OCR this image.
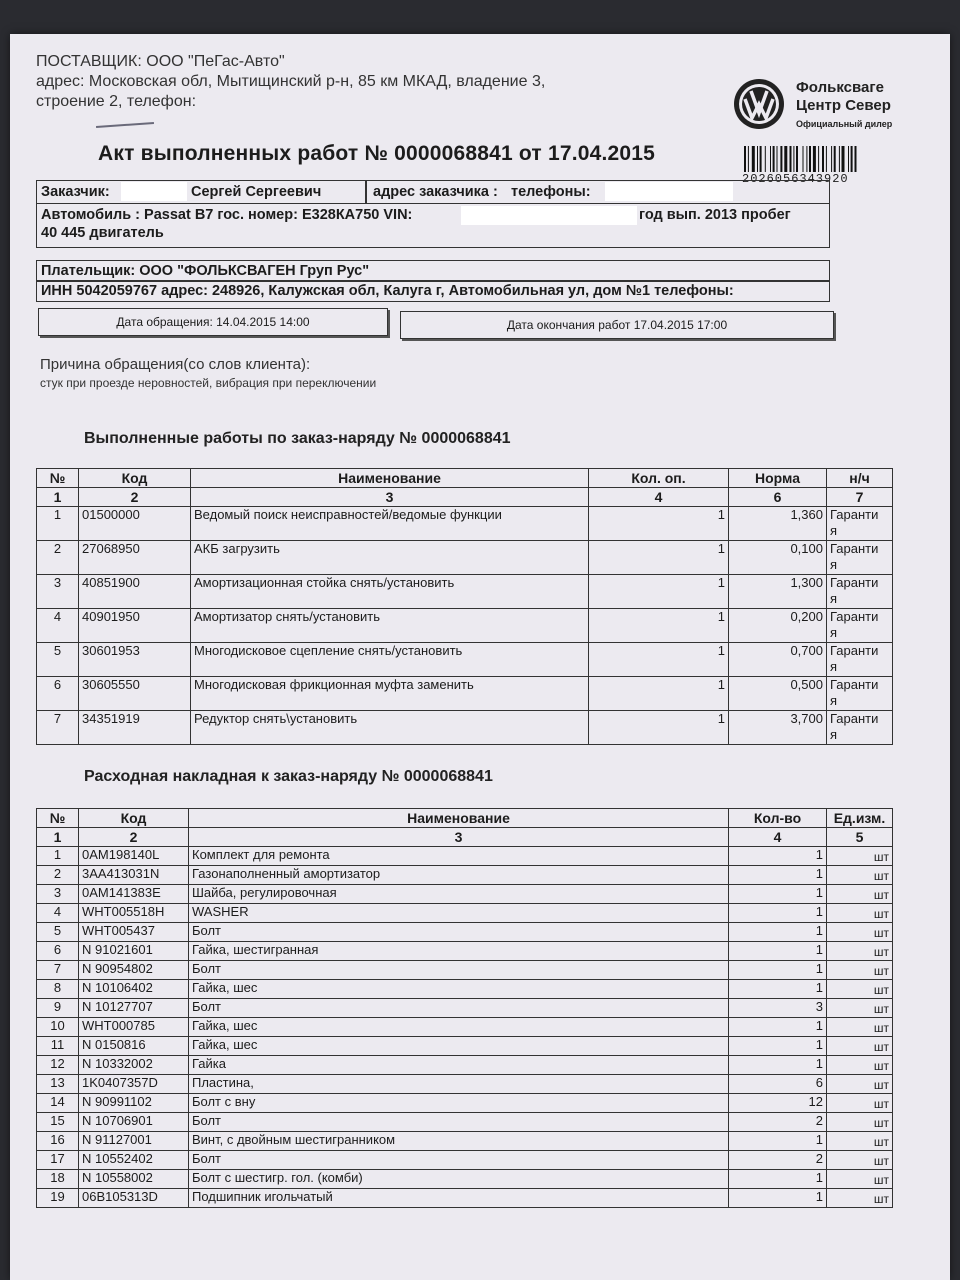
ПОСТАВЩИК: ООО "ПеГас-Авто"
адрес: Московская обл, Мытищинский р-н, 85 км МКАД, владение 3,
строение 2, телефон:
Фольксваге
Центр Север
Официальный дилер
2026056343920
Акт выполненных работ № 0000068841 от 17.04.2015
Заказчик:	Сергей Сергеевич	адрес заказчика : телефоны:
Автомобиль : Passat B7 гос. номер: Е328КА750 VIN:	год вып. 2013 пробег
40 445 двигатель
Плательщик: ООО "ФОЛЬКСВАГЕН Груп Рус"
ИНН 5042059767 адрес: 248926, Калужская обл, Калуга г, Автомобильная ул, дом №1 телефоны:
Дата обращения: 14.04.2015 14:00	Дата окончания работ 17.04.2015 17:00
Причина обращения(со слов клиента):
стук при проезде неровностей, вибрация при переключении
Выполненные работы по заказ-наряду № 0000068841
№	Код	Наименование	Кол. оп.	Норма	н/ч
1	2	3	4	6	7
1	01500000	Ведомый поиск неисправностей/ведомые функции	1	1,360	Гаранти я
2	27068950	АКБ загрузить	1	0,100	Гаранти я
3	40851900	Амортизационная стойка снять/установить	1	1,300	Гаранти я
4	40901950	Амортизатор снять/установить	1	0,200	Гаранти я
5	30601953	Многодисковое сцепление снять/установить	1	0,700	Гаранти я
6	30605550	Многодисковая фрикционная муфта заменить	1	0,500	Гаранти я
7	34351919	Редуктор снять\установить	1	3,700	Гаранти я
Расходная накладная к заказ-наряду № 0000068841
№	Код	Наименование	Кол-во	Ед.изм.
1	2	3	4	5
1	0AM198140L	Комплект для ремонта	1	шт
2	3AA413031N	Газонаполненный амортизатор	1	шт
3	0AM141383E	Шайба, регулировочная	1	шт
4	WHT005518H	WASHER	1	шт
5	WHT005437	Болт	1	шт
6	N 91021601	Гайка, шестигранная	1	шт
7	N 90954802	Болт	1	шт
8	N 10106402	Гайка, шес	1	шт
9	N 10127707	Болт	3	шт
10	WHT000785	Гайка, шес	1	шт
11	N 0150816	Гайка, шес	1	шт
12	N 10332002	Гайка	1	шт
13	1K0407357D	Пластина,	6	шт
14	N 90991102	Болт с вну	12	шт
15	N 10706901	Болт	2	шт
16	N 91127001	Винт, с двойным шестигранником	1	шт
17	N 10552402	Болт	2	шт
18	N 10558002	Болт с шестигр. гол. (комби)	1	шт
19	06B105313D	Подшипник игольчатый	1	шт
